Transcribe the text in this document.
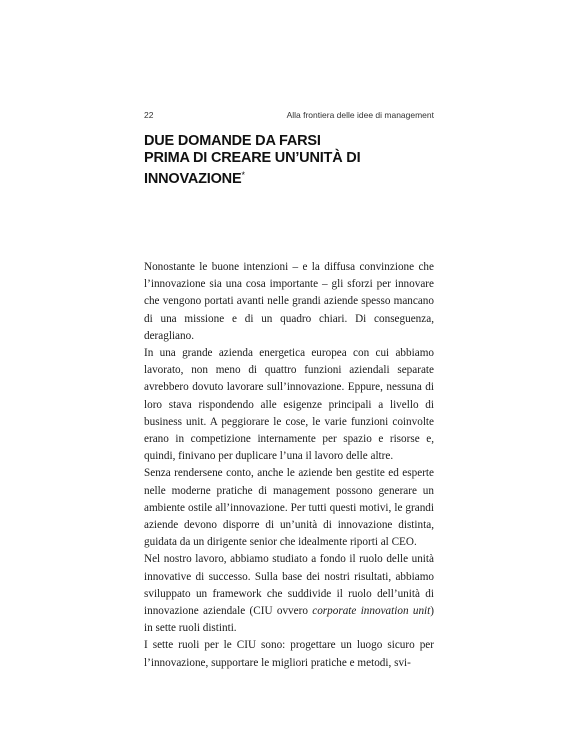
22	Alla frontiera delle idee di management
DUE DOMANDE DA FARSI
PRIMA DI CREARE UN’UNITÀ DI INNOVAZIONE*

Nonostante le buone intenzioni – e la diffusa convinzione che l’innovazione sia una cosa importante – gli sforzi per innovare che vengono portati avanti nelle grandi aziende spesso mancano di una missione e di un quadro chiari. Di conseguenza, deragliano.

In una grande azienda energetica europea con cui abbiamo lavorato, non meno di quattro funzioni aziendali separate avrebbero dovuto lavorare sull’innovazione. Eppure, nessuna di loro stava rispondendo alle esigenze principali a livello di business unit. A peggiorare le cose, le varie funzioni coinvolte erano in competizione internamente per spazio e risorse e, quindi, finivano per duplicare l’una il lavoro delle altre.

Senza rendersene conto, anche le aziende ben gestite ed esperte nelle moderne pratiche di management possono generare un ambiente ostile all’innovazione. Per tutti questi motivi, le grandi aziende devono disporre di un’unità di innovazione distinta, guidata da un dirigente senior che idealmente riporti al CEO.

Nel nostro lavoro, abbiamo studiato a fondo il ruolo delle unità innovative di successo. Sulla base dei nostri risultati, abbiamo sviluppato un framework che suddivide il ruolo dell’unità di innovazione aziendale (CIU ovvero corporate innovation unit) in sette ruoli distinti.

I sette ruoli per le CIU sono: progettare un luogo sicuro per l’innovazione, supportare le migliori pratiche e metodi, svi-
